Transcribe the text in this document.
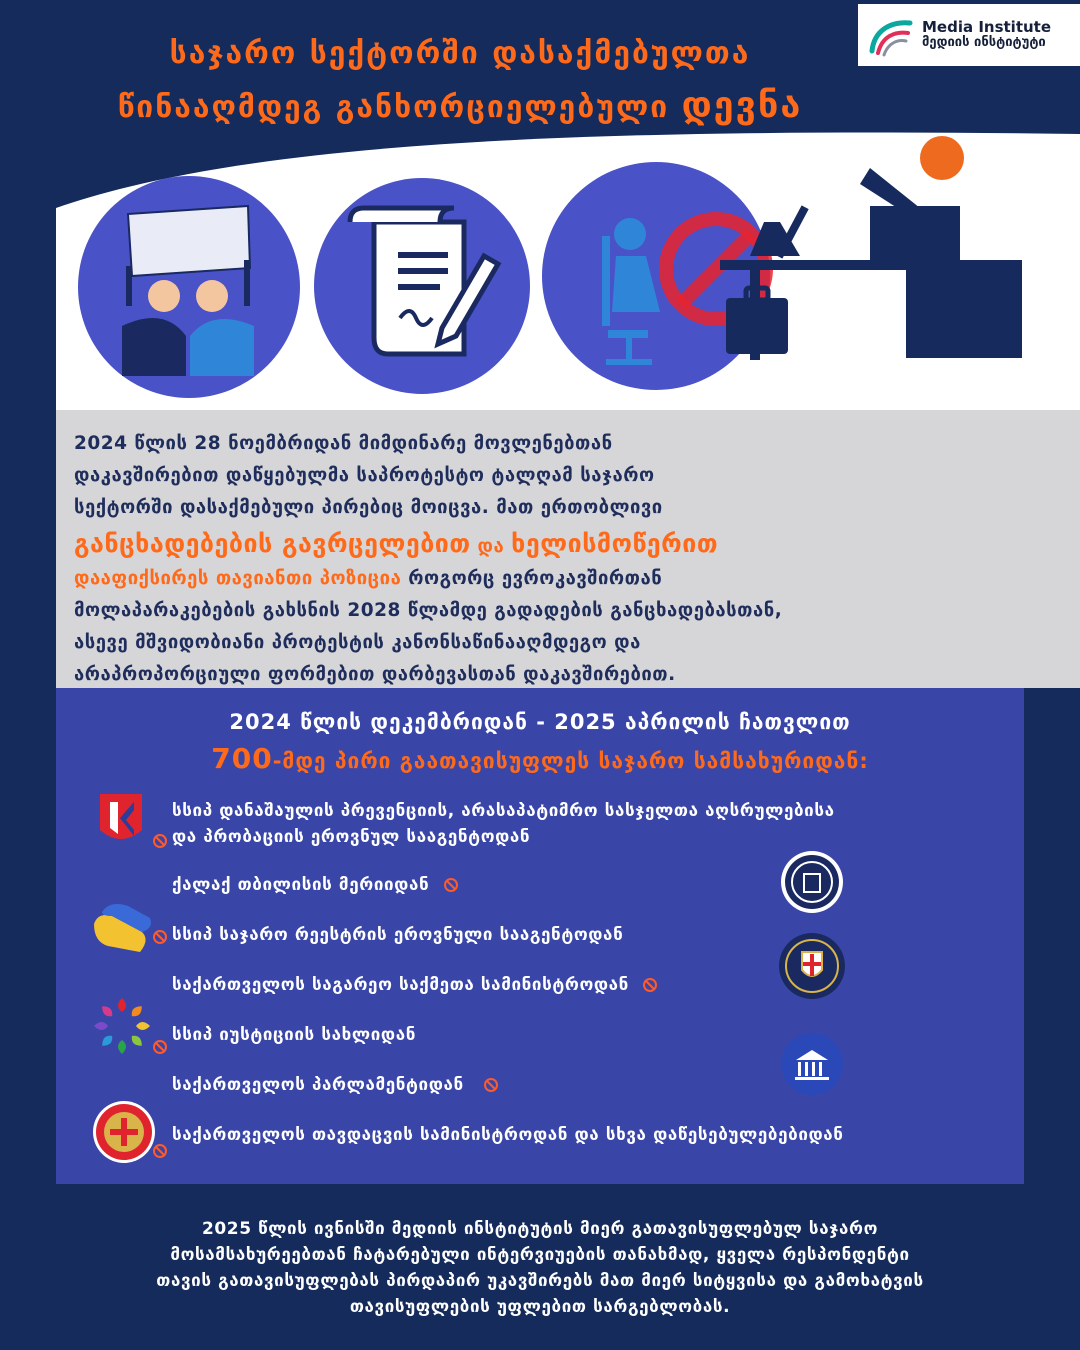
Media Institute
მედიის ინსტიტუტი
საჯარო სექტორში დასაქმებულთა
წინააღმდეგ განხორციელებული დევნა
2024 წლის 28 ნოემბრიდან მიმდინარე მოვლენებთან
დაკავშირებით დაწყებულმა საპროტესტო ტალღამ საჯარო
სექტორში დასაქმებული პირებიც მოიცვა. მათ ერთობლივი
განცხადებების გავრცელებით და ხელისმოწერით
დააფიქსირეს თავიანთი პოზიცია როგორც ევროკავშირთან
მოლაპარაკებების გახსნის 2028 წლამდე გადადების განცხადებასთან,
ასევე მშვიდობიანი პროტესტის კანონსაწინააღმდეგო და
არაპროპორციული ფორმებით დარბევასთან დაკავშირებით.
2024 წლის დეკემბრიდან - 2025 აპრილის ჩათვლით
700-მდე პირი გაათავისუფლეს საჯარო სამსახურიდან:
სსიპ დანაშაულის პრევენციის, არასაპატიმრო სასჯელთა აღსრულებისა
და პრობაციის ეროვნულ სააგენტოდან
ქალაქ თბილისის მერიიდან
სსიპ საჯარო რეესტრის ეროვნული სააგენტოდან
საქართველოს საგარეო საქმეთა სამინისტროდან
სსიპ იუსტიციის სახლიდან
საქართველოს პარლამენტიდან
საქართველოს თავდაცვის სამინისტროდან და სხვა დაწესებულებებიდან
2025 წლის ივნისში მედიის ინსტიტუტის მიერ გათავისუფლებულ საჯარო
მოსამსახურეებთან ჩატარებული ინტერვიუების თანახმად, ყველა რესპონდენტი
თავის გათავისუფლებას პირდაპირ უკავშირებს მათ მიერ სიტყვისა და გამოხატვის
თავისუფლების უფლებით სარგებლობას.
